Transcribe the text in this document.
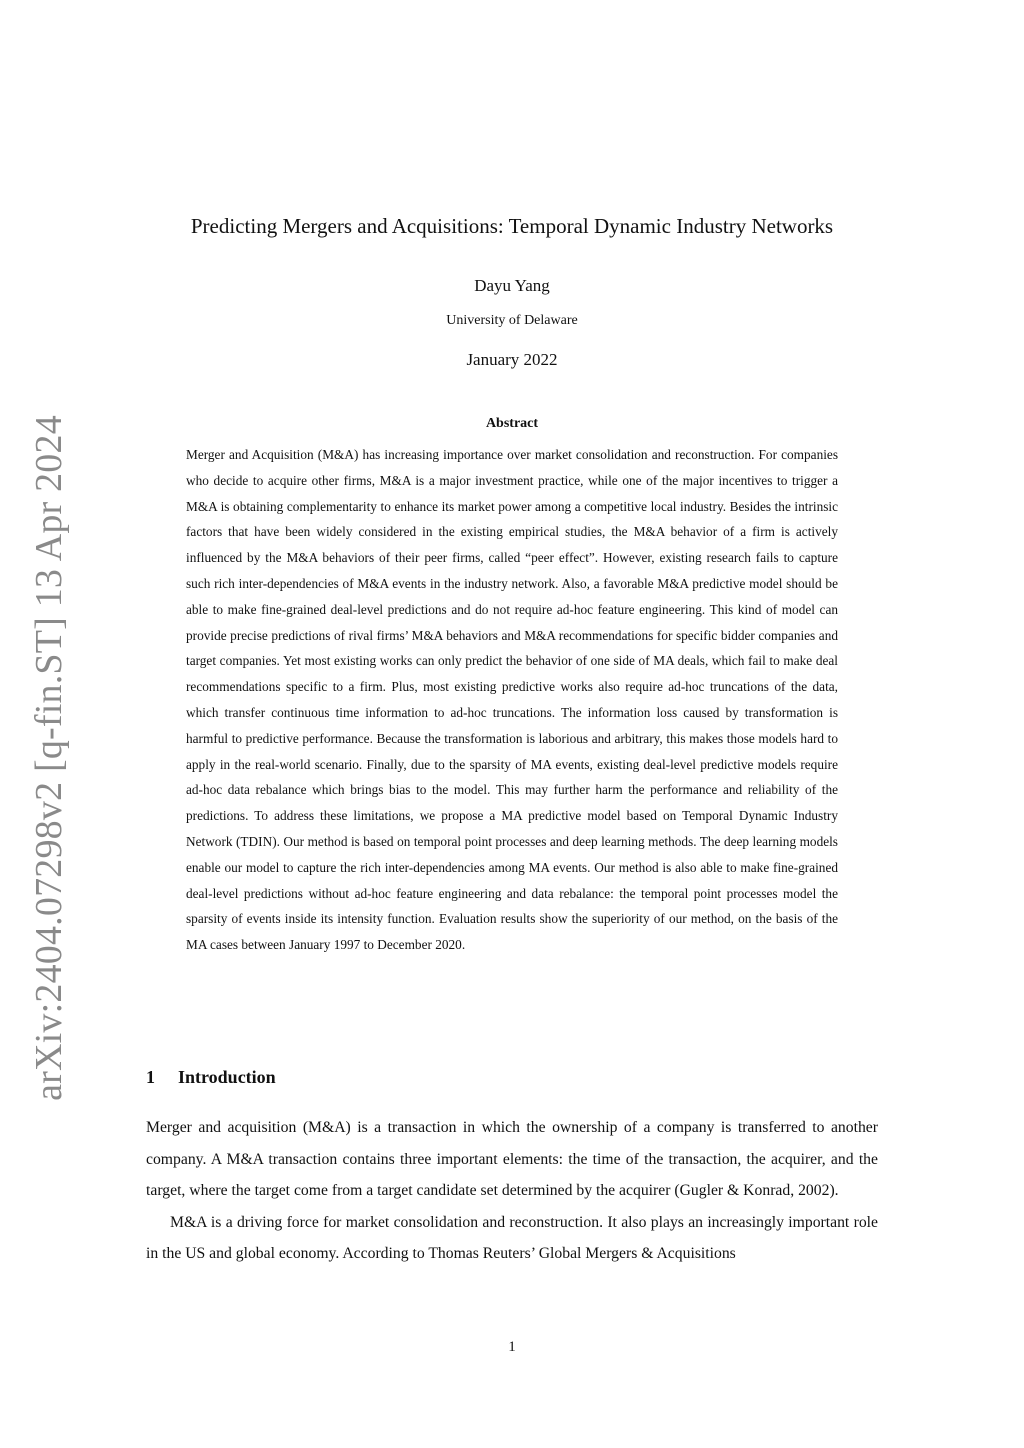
arXiv:2404.07298v2 [q-fin.ST] 13 Apr 2024
Predicting Mergers and Acquisitions: Temporal Dynamic Industry Networks
Dayu Yang
University of Delaware
January 2022
Abstract

Merger and Acquisition (M&A) has increasing importance over market consolidation and reconstruction. For companies who decide to acquire other firms, M&A is a major investment practice, while one of the major incentives to trigger a M&A is obtaining complementarity to enhance its market power among a competitive local industry. Besides the intrinsic factors that have been widely considered in the existing empirical studies, the M&A behavior of a firm is actively influenced by the M&A behaviors of their peer firms, called “peer effect”. However, existing research fails to capture such rich inter-dependencies of M&A events in the industry network. Also, a favorable M&A predictive model should be able to make fine-grained deal-level predictions and do not require ad-hoc feature engineering. This kind of model can provide precise predictions of rival firms’ M&A behaviors and M&A recommendations for specific bidder companies and target companies. Yet most existing works can only predict the behavior of one side of MA deals, which fail to make deal recommendations specific to a firm. Plus, most existing predictive works also require ad-hoc truncations of the data, which transfer continuous time information to ad-hoc truncations. The information loss caused by transformation is harmful to predictive performance. Because the transformation is laborious and arbitrary, this makes those models hard to apply in the real-world scenario. Finally, due to the sparsity of MA events, existing deal-level predictive models require ad-hoc data rebalance which brings bias to the model. This may further harm the performance and reliability of the predictions. To address these limitations, we propose a MA predictive model based on Temporal Dynamic Industry Network (TDIN). Our method is based on temporal point processes and deep learning methods. The deep learning models enable our model to capture the rich inter-dependencies among MA events. Our method is also able to make fine-grained deal-level predictions without ad-hoc feature engineering and data rebalance: the temporal point processes model the sparsity of events inside its intensity function. Evaluation results show the superiority of our method, on the basis of the MA cases between January 1997 to December 2020.

1 Introduction

Merger and acquisition (M&A) is a transaction in which the ownership of a company is transferred to another company. A M&A transaction contains three important elements: the time of the transaction, the acquirer, and the target, where the target come from a target candidate set determined by the acquirer (Gugler & Konrad, 2002).

M&A is a driving force for market consolidation and reconstruction. It also plays an increasingly important role in the US and global economy. According to Thomas Reuters’ Global Mergers & Acquisitions

1
